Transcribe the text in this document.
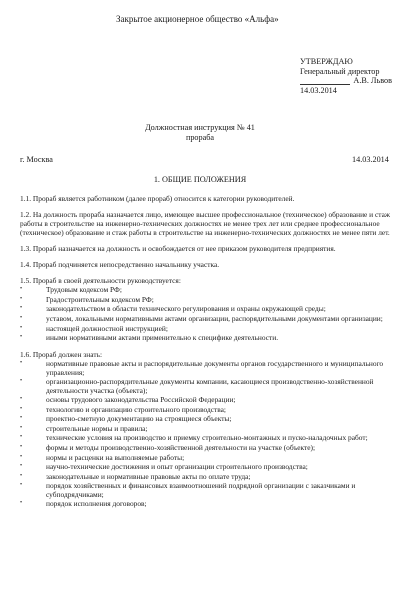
Закрытое акционерное общество «Альфа»
УТВЕРЖДАЮ
Генеральный директор
А.В. Львов
14.03.2014
Должностная инструкция № 41
прораба
г. Москва	14.03.2014
1. ОБЩИЕ ПОЛОЖЕНИЯ

1.1. Прораб является работником (далее прораб) относится к категории руководителей.

1.2. На должность прораба назначается лицо, имеющее высшее профессиональное (техническое) образование и стаж работы в строительстве на инженерно-технических должностях не менее трех лет или среднее профессиональное (техническое) образование и стаж работы в строительстве на инженерно-технических должностях не менее пяти лет.

1.3. Прораб назначается на должность и освобождается от нее приказом руководителя предприятия.

1.4. Прораб подчиняется непосредственно начальнику участка.

1.5. Прораб в своей деятельности руководствуется:

•	Трудовым кодексом РФ;
•	Градостроительным кодексом РФ;
•	законодательством в области технического регулирования и охраны окружающей среды;
•	уставом, локальными нормативными актами организации, распорядительными документами организации;
•	настоящей должностной инструкцией;
•	иными нормативными актами применительно к специфике деятельности.

1.6. Прораб должен знать:

•	нормативные правовые акты и распорядительные документы органов государственного и муниципального управления;
•	организационно-распорядительные документы компании, касающиеся производственно-хозяйственной деятельности участка (объекта);
•	основы трудового законодательства Российской Федерации;
•	технологию и организацию строительного производства;
•	проектно-сметную документацию на строящиеся объекты;
•	строительные нормы и правила;
•	технические условия на производство и приемку строительно-монтажных и пуско-наладочных работ;
•	формы и методы производственно-хозяйственной деятельности на участке (объекте);
•	нормы и расценки на выполняемые работы;
•	научно-технические достижения и опыт организации строительного производства;
•	законодательные и нормативные правовые акты по оплате труда;
•	порядок хозяйственных и финансовых взаимоотношений подрядной организации с заказчиками и субподрядчиками;
•	порядок исполнения договоров;
